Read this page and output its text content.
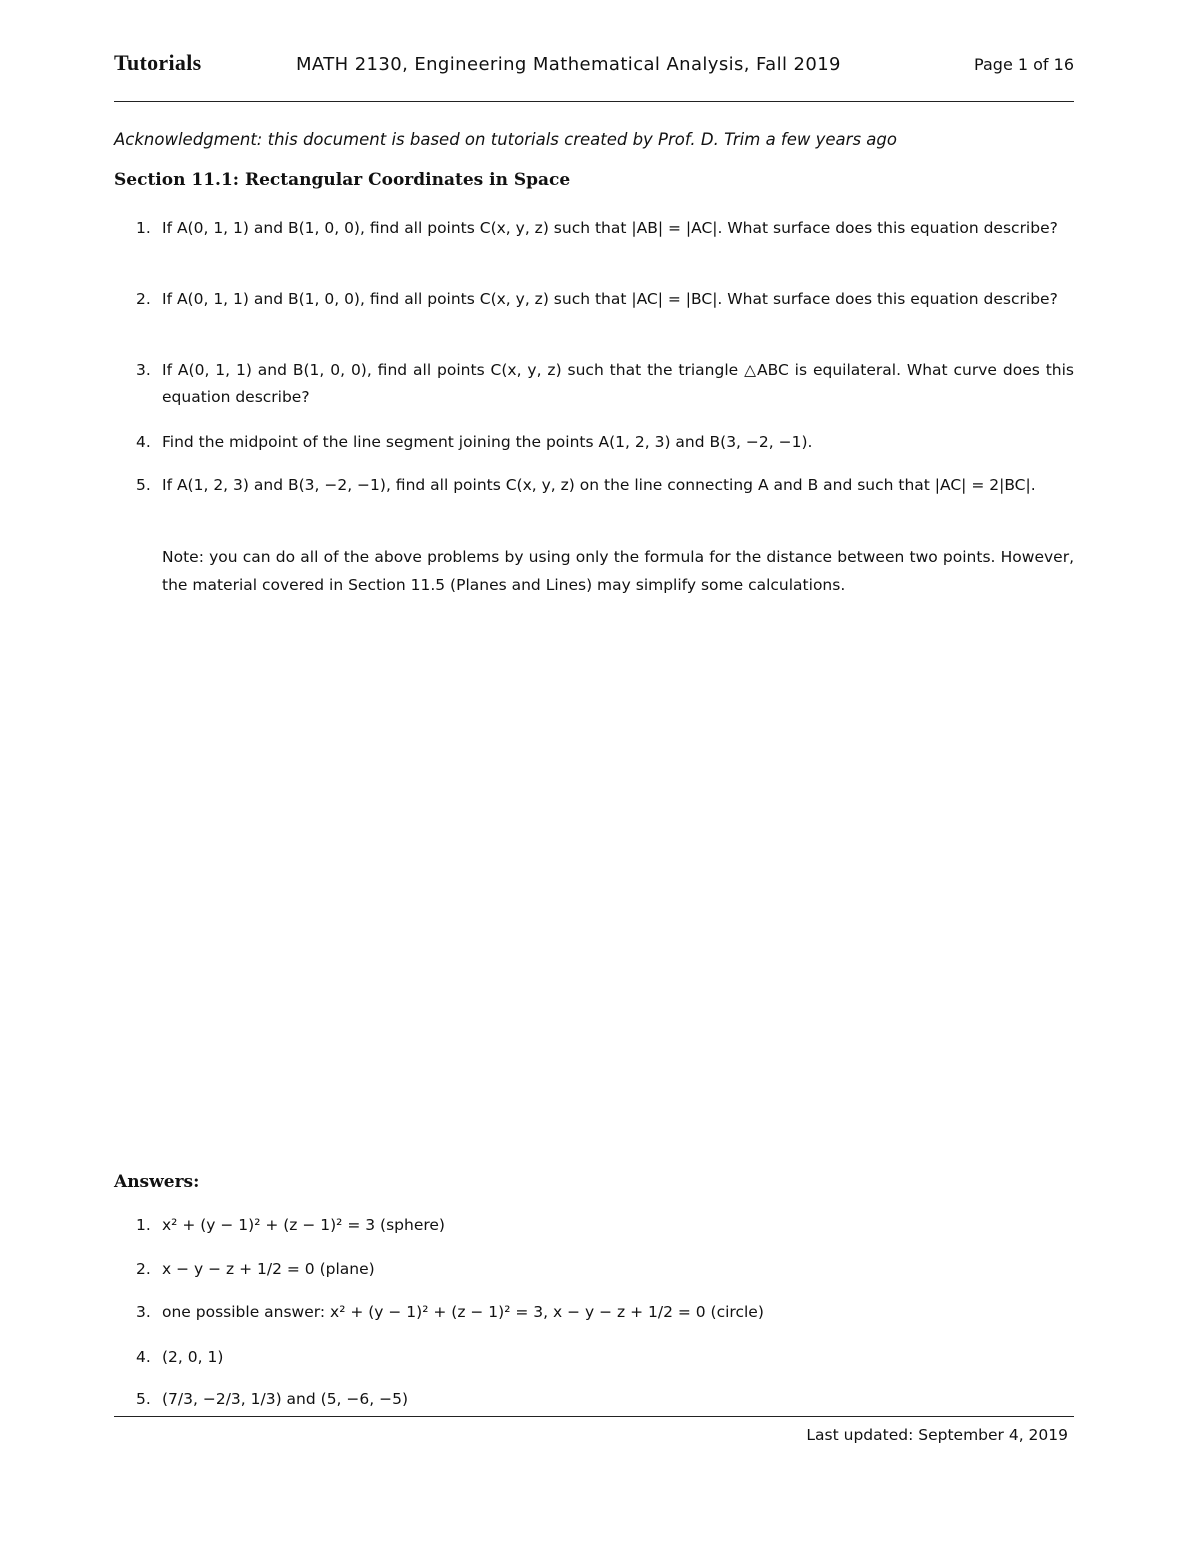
Tutorials	MATH 2130, Engineering Mathematical Analysis, Fall 2019	Page 1 of 16
Acknowledgment: this document is based on tutorials created by Prof. D. Trim a few years ago
Section 11.1: Rectangular Coordinates in Space
1. If A(0, 1, 1) and B(1, 0, 0), find all points C(x, y, z) such that |AB| = |AC|. What surface does this equation describe?
2. If A(0, 1, 1) and B(1, 0, 0), find all points C(x, y, z) such that |AC| = |BC|. What surface does this equation describe?
3. If A(0, 1, 1) and B(1, 0, 0), find all points C(x, y, z) such that the triangle △ABC is equilateral. What curve does this equation describe?
4. Find the midpoint of the line segment joining the points A(1, 2, 3) and B(3, −2, −1).
5. If A(1, 2, 3) and B(3, −2, −1), find all points C(x, y, z) on the line connecting A and B and such that |AC| = 2|BC|.
Note: you can do all of the above problems by using only the formula for the distance between two points. However, the material covered in Section 11.5 (Planes and Lines) may simplify some calculations.
Answers:
1. x² + (y − 1)² + (z − 1)² = 3 (sphere)
2. x − y − z + 1/2 = 0 (plane)
3. one possible answer: x² + (y − 1)² + (z − 1)² = 3, x − y − z + 1/2 = 0 (circle)
4. (2, 0, 1)
5. (7/3, −2/3, 1/3) and (5, −6, −5)
Last updated: September 4, 2019
